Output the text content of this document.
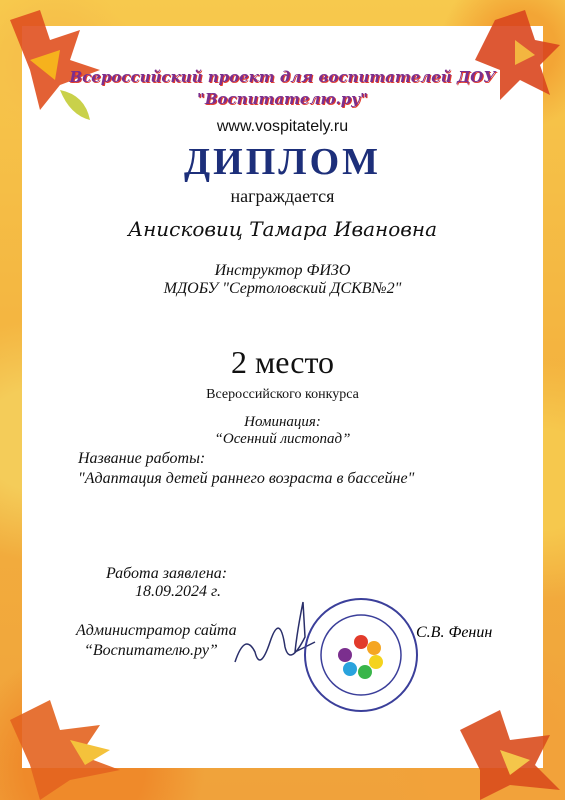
Всероссийский проект для воспитателей ДОУ
"Воспитателю.ру"
www.vospitately.ru
ДИПЛОМ
награждается
Анисковиц Тамара Ивановна
Инструктор ФИЗО
МДОБУ "Сертоловский ДСКВ№2"
2 место
Всероссийского конкурса
Номинация:
“Осенний листопад”
Название работы:
"Адаптация детей раннего возраста в бассейне"
Работа заявлена:
18.09.2024 г.
Администратор сайта
“Воспитателю.ру”
С.В. Фенин
